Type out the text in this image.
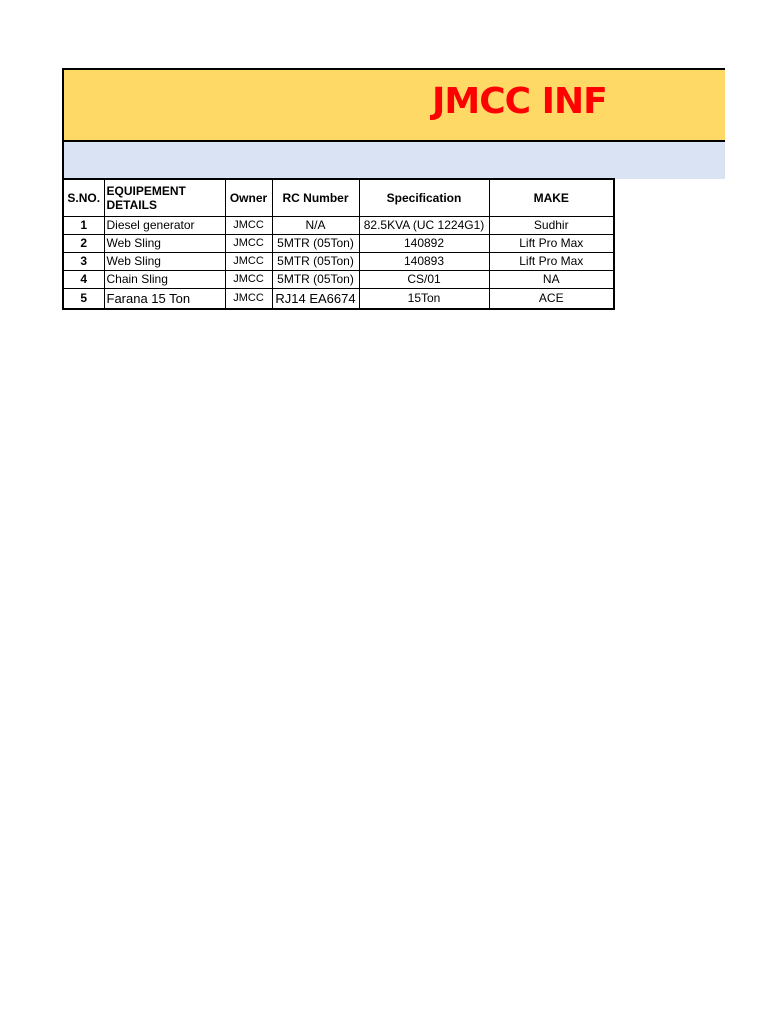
JMCC INF
S.NO.	EQUIPEMENT DETAILS	Owner	RC Number	Specification	MAKE
1	Diesel generator	JMCC	N/A	82.5KVA (UC 1224G1)	Sudhir
2	Web Sling	JMCC	5MTR (05Ton)	140892	Lift Pro Max
3	Web Sling	JMCC	5MTR (05Ton)	140893	Lift Pro Max
4	Chain Sling	JMCC	5MTR (05Ton)	CS/01	NA
5	Farana 15 Ton	JMCC	RJ14 EA6674	15Ton	ACE
